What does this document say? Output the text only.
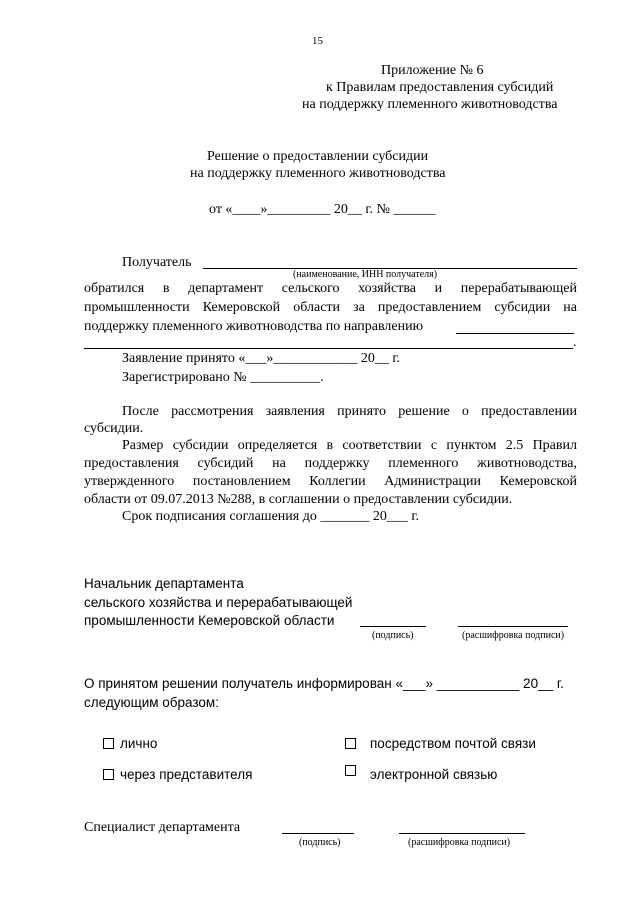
15
Приложение № 6
к Правилам предоставления субсидий
на поддержку племенного животноводства
Решение о предоставлении субсидии
на поддержку племенного животноводства
от «____»_________ 20__ г. № ______
Получатель
(наименование, ИНН получателя)
обратился в департамент сельского хозяйства и перерабатывающей
промышленности Кемеровской области за предоставлением субсидии на
поддержку племенного животноводства по направлению
.
Заявление принято «___»____________ 20__ г.
Зарегистрировано № __________.
После рассмотрения заявления принято решение о предоставлении
субсидии.
Размер субсидии определяется в соответствии с пунктом 2.5 Правил
предоставления субсидий на поддержку племенного животноводства,
утвержденного постановлением Коллегии Администрации Кемеровской
области от 09.07.2013 №288, в соглашении о предоставлении субсидии.
Срок подписания соглашения до _______ 20___ г.
Начальник департамента
сельского хозяйства и перерабатывающей
промышленности Кемеровской области
(подпись)	(расшифровка подписи)
О принятом решении получатель информирован «___» ___________ 20__ г.
следующим образом:
лично	посредством почтой связи
через представителя	электронной связью
Специалист департамента
(подпись)	(расшифровка подписи)
